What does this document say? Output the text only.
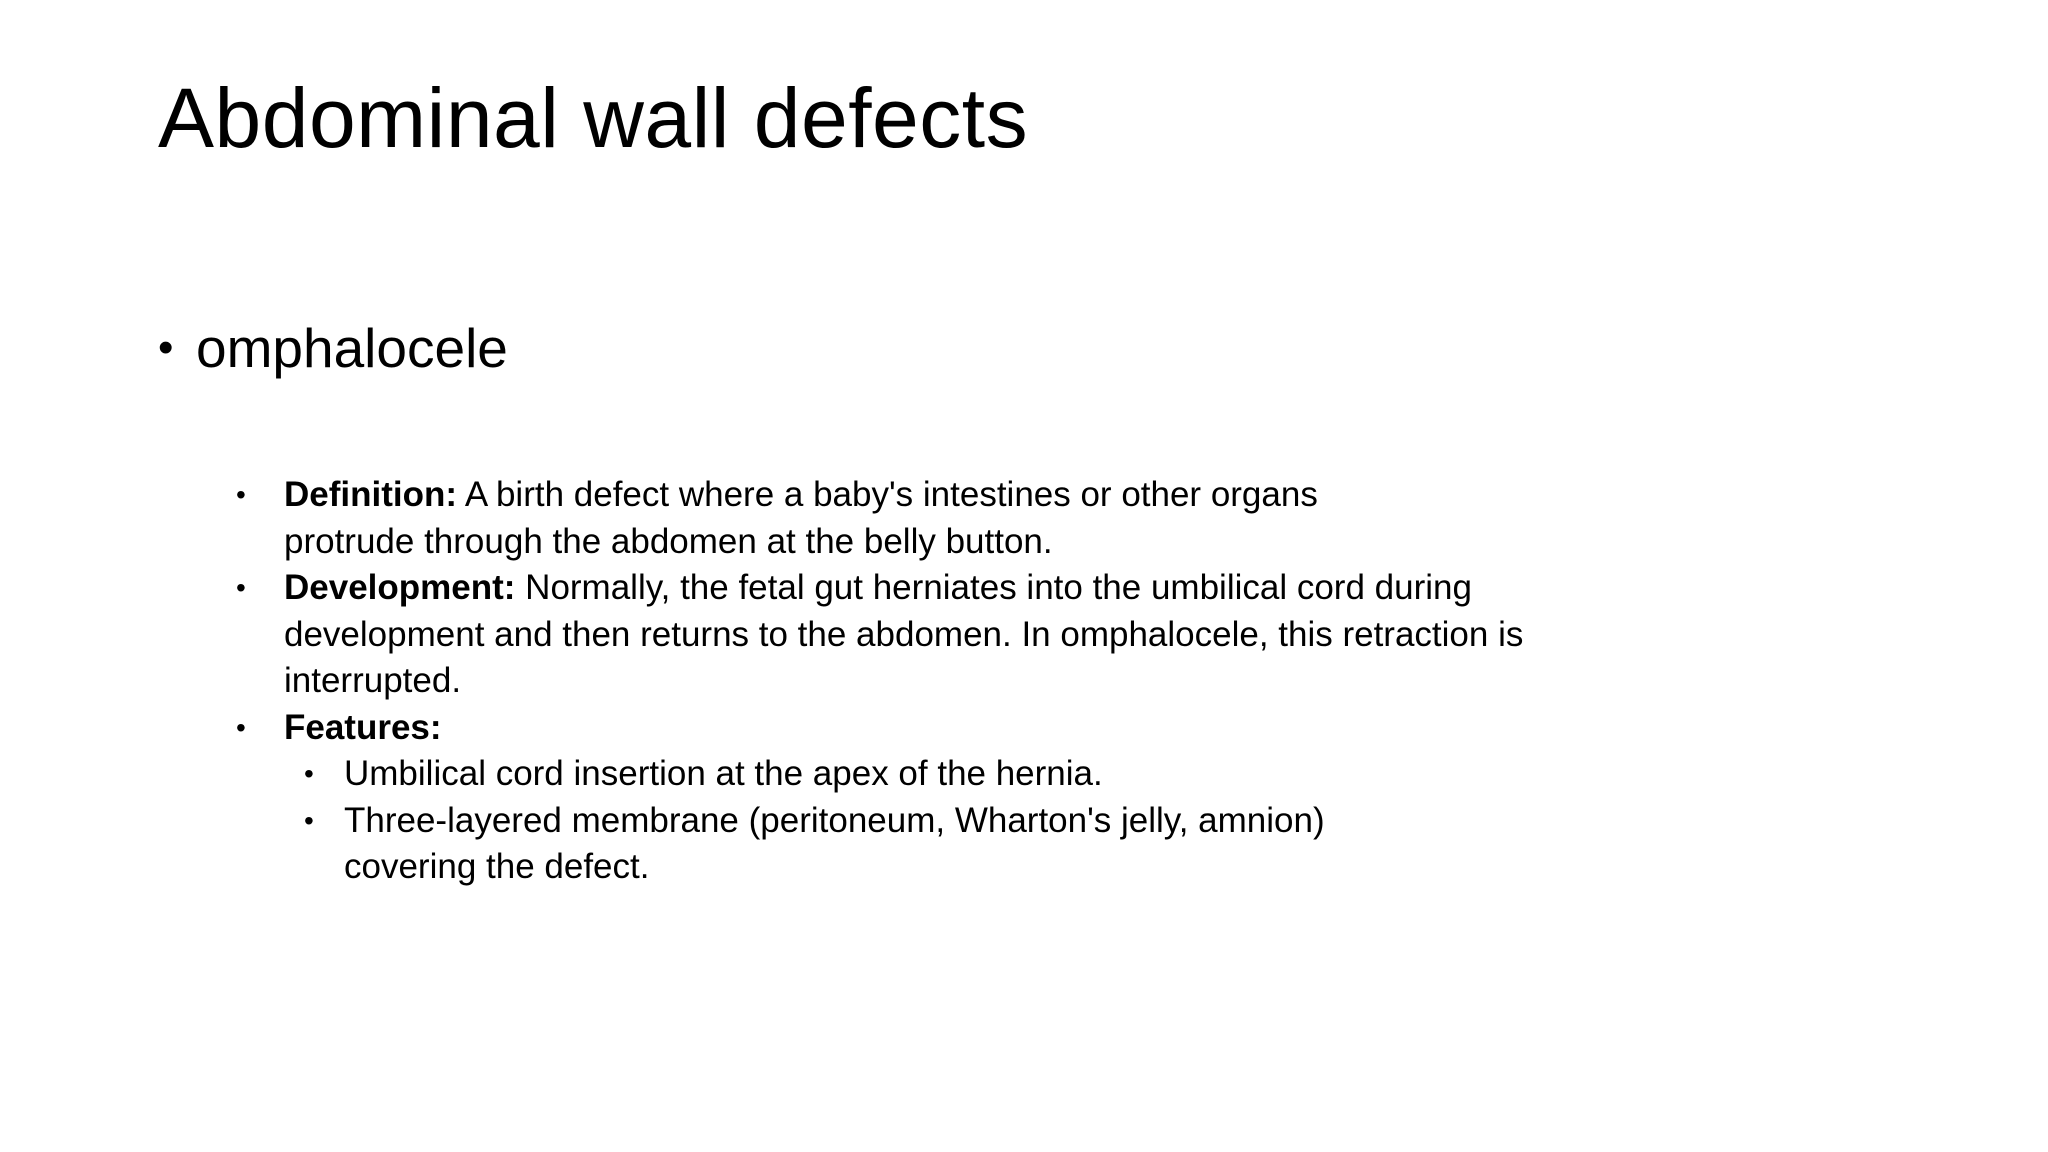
Abdominal wall defects
• omphalocele
• Definition: A birth defect where a baby's intestines or other organs protrude through the abdomen at the belly button.
• Development: Normally, the fetal gut herniates into the umbilical cord during development and then returns to the abdomen. In omphalocele, this retraction is interrupted.
• Features:
• Umbilical cord insertion at the apex of the hernia.
• Three-layered membrane (peritoneum, Wharton's jelly, amnion) covering the defect.
